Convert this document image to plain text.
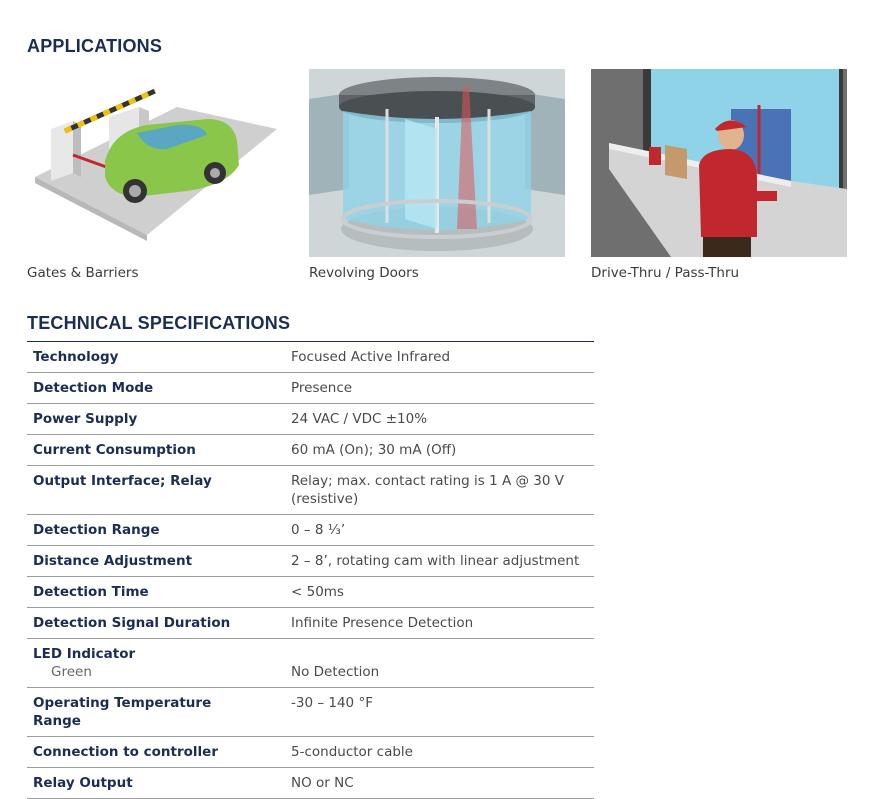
APPLICATIONS
Gates & Barriers	Revolving Doors	Drive-Thru / Pass-Thru
TECHNICAL SPECIFICATIONS
Technology	Focused Active Infrared
Detection Mode	Presence
Power Supply	24 VAC / VDC ±10%
Current Consumption	60 mA (On); 30 mA (Off)
Output Interface; Relay	Relay; max. contact rating is 1 A @ 30 V (resistive)
Detection Range	0 – 8 ⅓’
Distance Adjustment	2 – 8’, rotating cam with linear adjustment
Detection Time	< 50ms
Detection Signal Duration	Infinite Presence Detection
LED Indicator
Green	No Detection

Operating Temperature Range	-30 – 140 °F
Connection to controller	5-conductor cable
Relay Output	NO or NC
